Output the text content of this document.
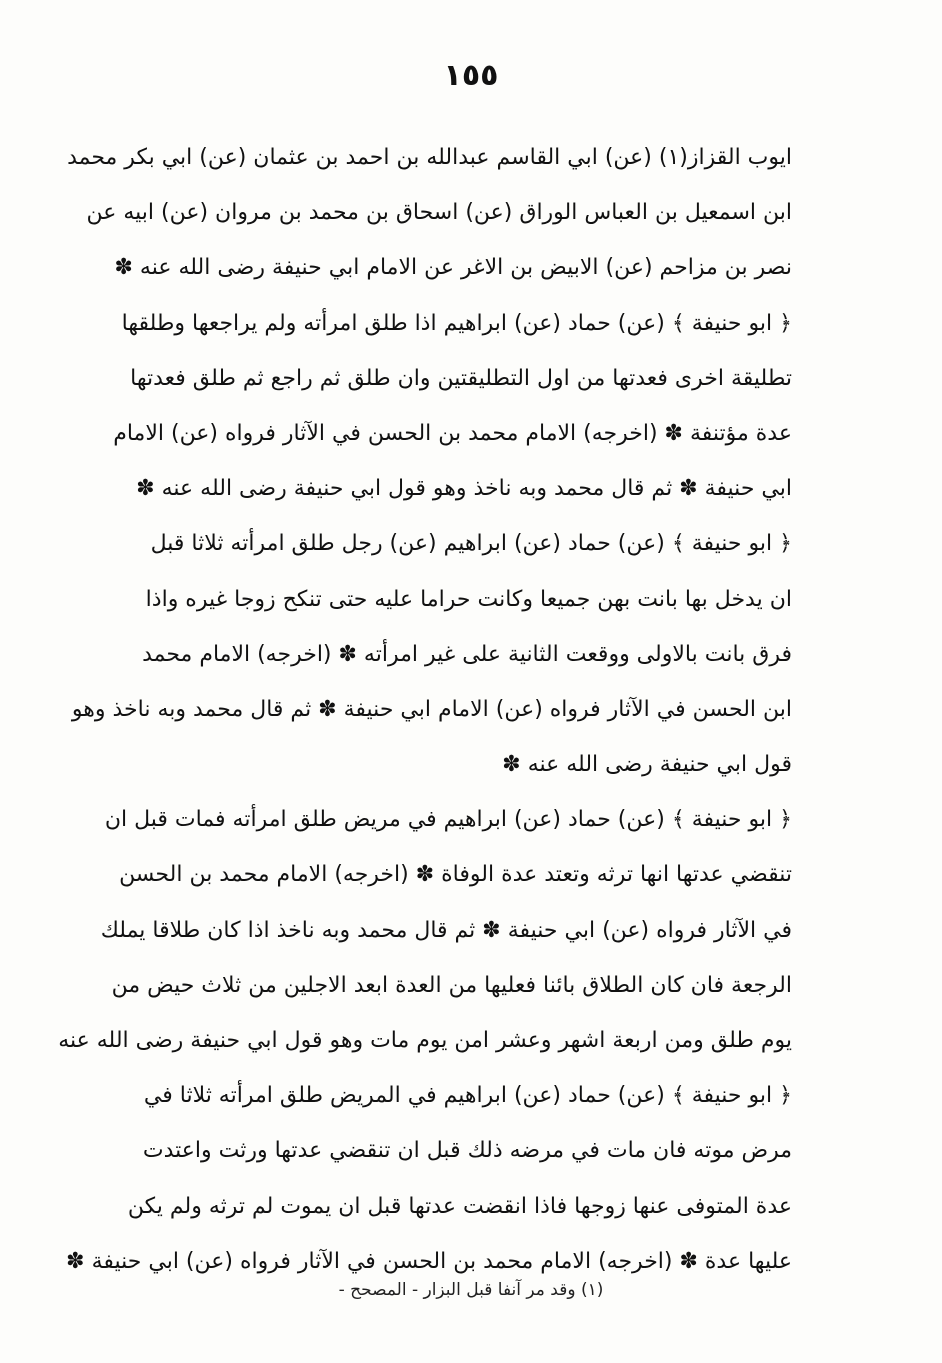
١٥٥
ايوب القزاز(١) (عن) ابي القاسم عبدالله بن احمد بن عثمان (عن) ابي بكر محمد
ابن اسمعيل بن العباس الوراق (عن) اسحاق بن محمد بن مروان (عن) ابيه عن
نصر بن مزاحم (عن) الابيض بن الاغر عن الامام ابي حنيفة رضى الله عنه ✽
﴿ ابو حنيفة ﴾ (عن) حماد (عن) ابراهيم اذا طلق امرأته ولم يراجعها وطلقها
تطليقة اخرى فعدتها من اول التطليقتين وان طلق ثم راجع ثم طلق فعدتها
عدة مؤتنفة ✽ (اخرجه) الامام محمد بن الحسن في الآثار فرواه (عن) الامام
ابي حنيفة ✽ ثم قال محمد وبه ناخذ وهو قول ابي حنيفة رضى الله عنه ✽
﴿ ابو حنيفة ﴾ (عن) حماد (عن) ابراهيم (عن) رجل طلق امرأته ثلاثا قبل
ان يدخل بها بانت بهن جميعا وكانت حراما عليه حتى تنكح زوجا غيره واذا
فرق بانت بالاولى ووقعت الثانية على غير امرأته ✽ (اخرجه) الامام محمد
ابن الحسن في الآثار فرواه (عن) الامام ابي حنيفة ✽ ثم قال محمد وبه ناخذ وهو
قول ابي حنيفة رضى الله عنه ✽
﴿ ابو حنيفة ﴾ (عن) حماد (عن) ابراهيم في مريض طلق امرأته فمات قبل ان
تنقضي عدتها انها ترثه وتعتد عدة الوفاة ✽ (اخرجه) الامام محمد بن الحسن
في الآثار فرواه (عن) ابي حنيفة ✽ ثم قال محمد وبه ناخذ اذا كان طلاقا يملك
الرجعة فان كان الطلاق بائنا فعليها من العدة ابعد الاجلين من ثلاث حيض من
يوم طلق ومن اربعة اشهر وعشر امن يوم مات وهو قول ابي حنيفة رضى الله عنه
﴿ ابو حنيفة ﴾ (عن) حماد (عن) ابراهيم في المريض طلق امرأته ثلاثا في
مرض موته فان مات في مرضه ذلك قبل ان تنقضي عدتها ورثت واعتدت
عدة المتوفى عنها زوجها فاذا انقضت عدتها قبل ان يموت لم ترثه ولم يكن
عليها عدة ✽ (اخرجه) الامام محمد بن الحسن في الآثار فرواه (عن) ابي حنيفة ✽
(١) وقد مر آنفا قبل البزار - المصحح -
